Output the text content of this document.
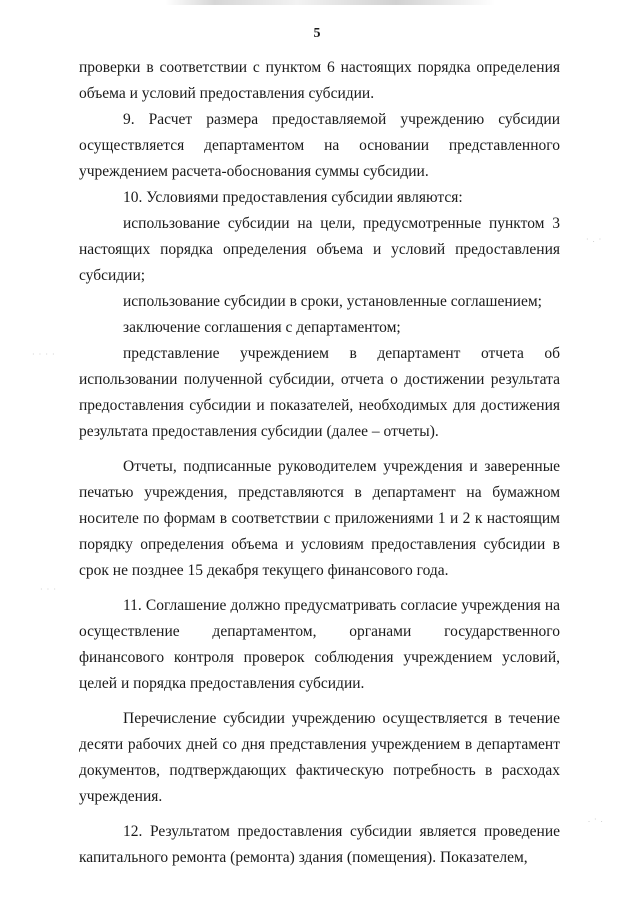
· · · ·
· . ·
· · ·
. · .
5

проверки в соответствии с пунктом 6 настоящих порядка определения объема и условий предоставления субсидии.

9. Расчет размера предоставляемой учреждению субсидии осуществляется департаментом на основании представленного учреждением расчета-обоснования суммы субсидии.

10. Условиями предоставления субсидии являются:

использование субсидии на цели, предусмотренные пунктом 3 настоящих порядка определения объема и условий предоставления субсидии;

использование субсидии в сроки, установленные соглашением;

заключение соглашения с департаментом;

представление учреждением в департамент отчета об использовании полученной субсидии, отчета о достижении результата предоставления субсидии и показателей, необходимых для достижения результата предоставления субсидии (далее – отчеты).

Отчеты, подписанные руководителем учреждения и заверенные печатью учреждения, представляются в департамент на бумажном носителе по формам в соответствии с приложениями 1 и 2 к настоящим порядку определения объема и условиям предоставления субсидии в срок не позднее 15 декабря текущего финансового года.

11. Соглашение должно предусматривать согласие учреждения на осуществление департаментом, органами государственного финансового контроля проверок соблюдения учреждением условий, целей и порядка предоставления субсидии.

Перечисление субсидии учреждению осуществляется в течение десяти рабочих дней со дня представления учреждением в департамент документов, подтверждающих фактическую потребность в расходах учреждения.

12. Результатом предоставления субсидии является проведение капитального ремонта (ремонта) здания (помещения). Показателем,
